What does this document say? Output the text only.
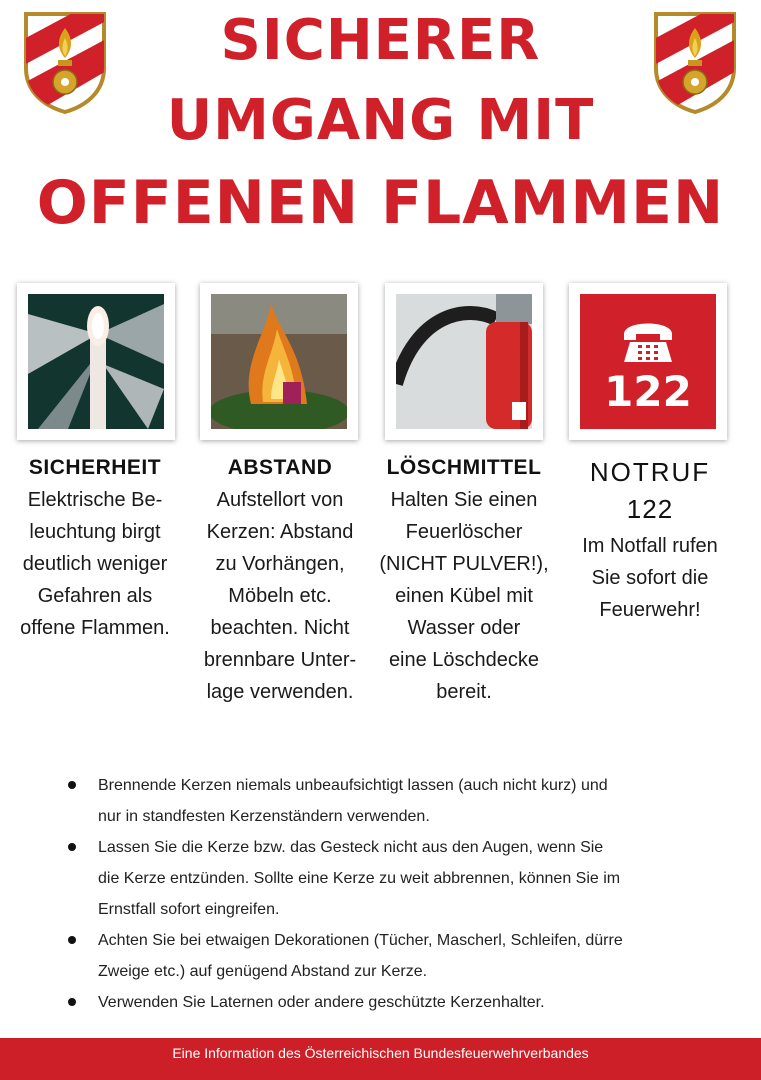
SICHERER
UMGANG MIT
OFFENEN FLAMMEN
122

SICHERHEIT

Elektrische Be-
leuchtung birgt
deutlich weniger
Gefahren als
offene Flammen.

ABSTAND

Aufstellort von
Kerzen: Abstand
zu Vorhängen,
Möbeln etc.
beachten. Nicht
brennbare Unter-
lage verwenden.

LÖSCHMITTEL

Halten Sie einen
Feuerlöscher
(NICHT PULVER!),
einen Kübel mit
Wasser oder
eine Löschdecke
bereit.

NOTRUF

122

Im Notfall rufen
Sie sofort die
Feuerwehr!

Brennende Kerzen niemals unbeaufsichtigt lassen (auch nicht kurz) und
nur in standfesten Kerzenständern verwenden.
Lassen Sie die Kerze bzw. das Gesteck nicht aus den Augen, wenn Sie
die Kerze entzünden. Sollte eine Kerze zu weit abbrennen, können Sie im
Ernstfall sofort eingreifen.
Achten Sie bei etwaigen Dekorationen (Tücher, Mascherl, Schleifen, dürre
Zweige etc.) auf genügend Abstand zur Kerze.
Verwenden Sie Laternen oder andere geschützte Kerzenhalter.
Eine Information des Österreichischen Bundesfeuerwehrverbandes
